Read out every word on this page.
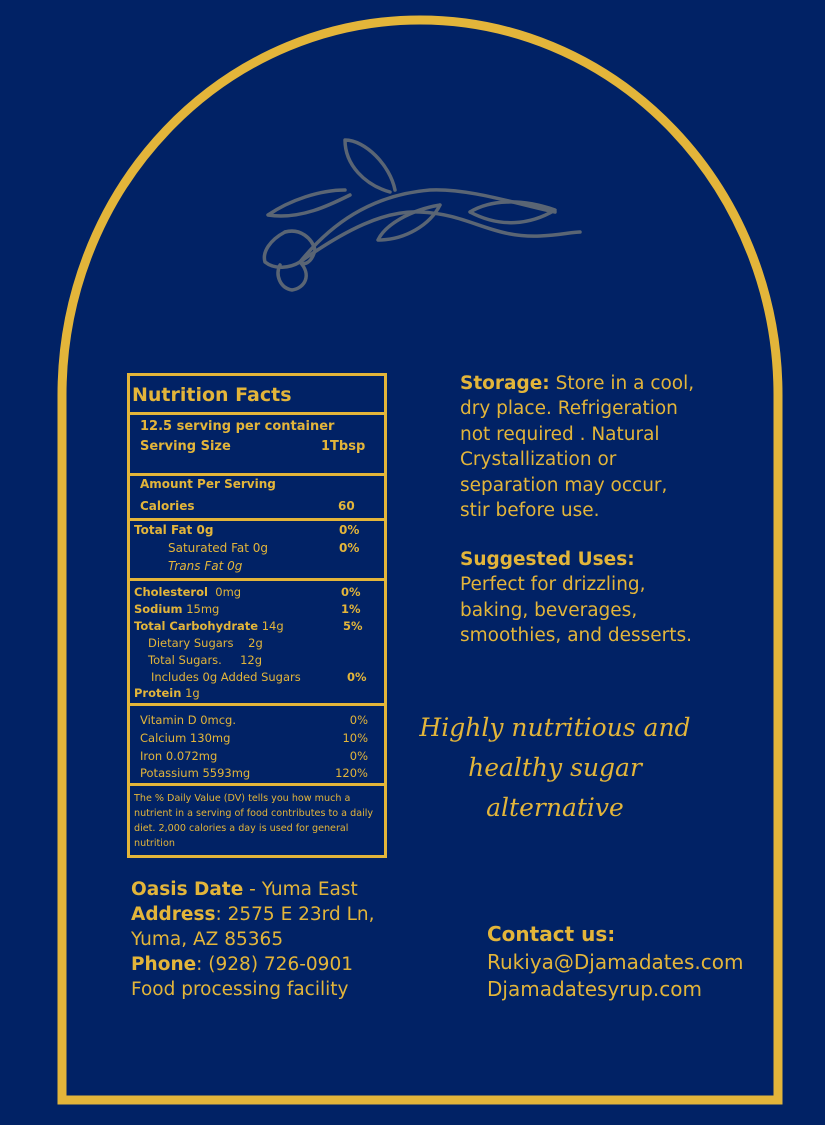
Nutrition Facts
12.5 serving per container
Serving Size	1Tbsp
Amount Per Serving
Calories	60
Total Fat 0g	0%
Saturated Fat 0g	0%
Trans Fat 0g
Cholesterol 0mg	0%
Sodium 15mg	1%
Total Carbohydrate 14g	5%
Dietary Sugars    2g
Total Sugars.     12g
Includes 0g Added Sugars	0%
Protein 1g
Vitamin D 0mcg.	0%
Calcium 130mg	10%
Iron 0.072mg	0%
Potassium 5593mg	120%
The % Daily Value (DV) tells you how much a nutrient in a serving of food contributes to a daily diet. 2,000 calories a day is used for general nutrition
Storage: Store in a cool, dry place. Refrigeration not required . Natural Crystallization or separation may occur, stir before use.
Suggested Uses: Perfect for drizzling, baking, beverages, smoothies, and desserts.
Highly nutritious and healthy sugar alternative
Oasis Date - Yuma East
Address: 2575 E 23rd Ln,
Yuma, AZ 85365
Phone: (928) 726-0901
Food processing facility
Contact us:
Rukiya@Djamadates.com
Djamadatesyrup.com
